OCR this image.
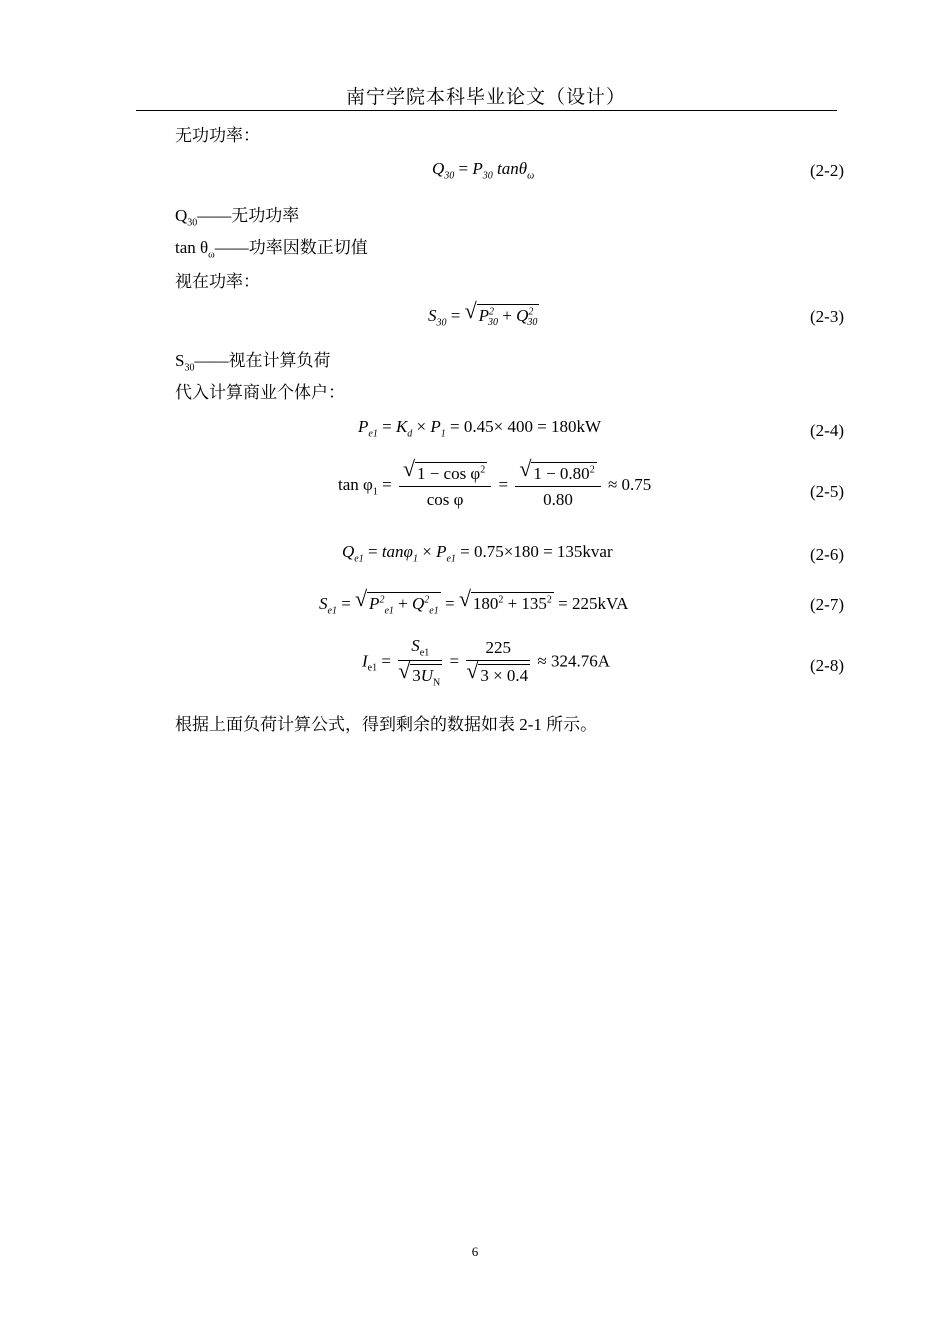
南宁学院本科毕业论文（设计）
无功功率：
$Q_{30} = P_{30}$ tanθ$_\omega$	(2-2)
$Q_{30}——$无功功率
$\tan \theta_\omega——$功率因数正切值
视在功率：
$S_{30}$ = √ $P^2_{30} + Q^2_{30}$	(2-3)
$S_{30}——$视在计算负荷
代入计算商业个体户：
$P_{e1} = K_d \times P_1 = 0.45\times 400 = 180kW$	(2-4)
$\tan \varphi_1 = \frac{√ 1 - \cos \varphi^2}{\text{cos φ}} = \frac{√ 1 - 0.80^2}{0.80} \approx 0.75$	(2-5)
$Q_{e1} = \tan\varphi_1 \times P_{e1} = 0.75\times 180$ = 135kvar	(2-6)
$S_{e1}$ = √ $P^2_{e1} + Q^2_{e1}$ = √ $180^2 + 135^2 = 225kVA$	(2-7)
$I_{e1} = \frac{S_{e1}}{√ 3U_N} = \frac{225}{√ 3 \times 0.4} \approx 324.76A$	(2-8)
根据上面负荷计算公式，得到剩余的数据如表 2-1 所示。
6
